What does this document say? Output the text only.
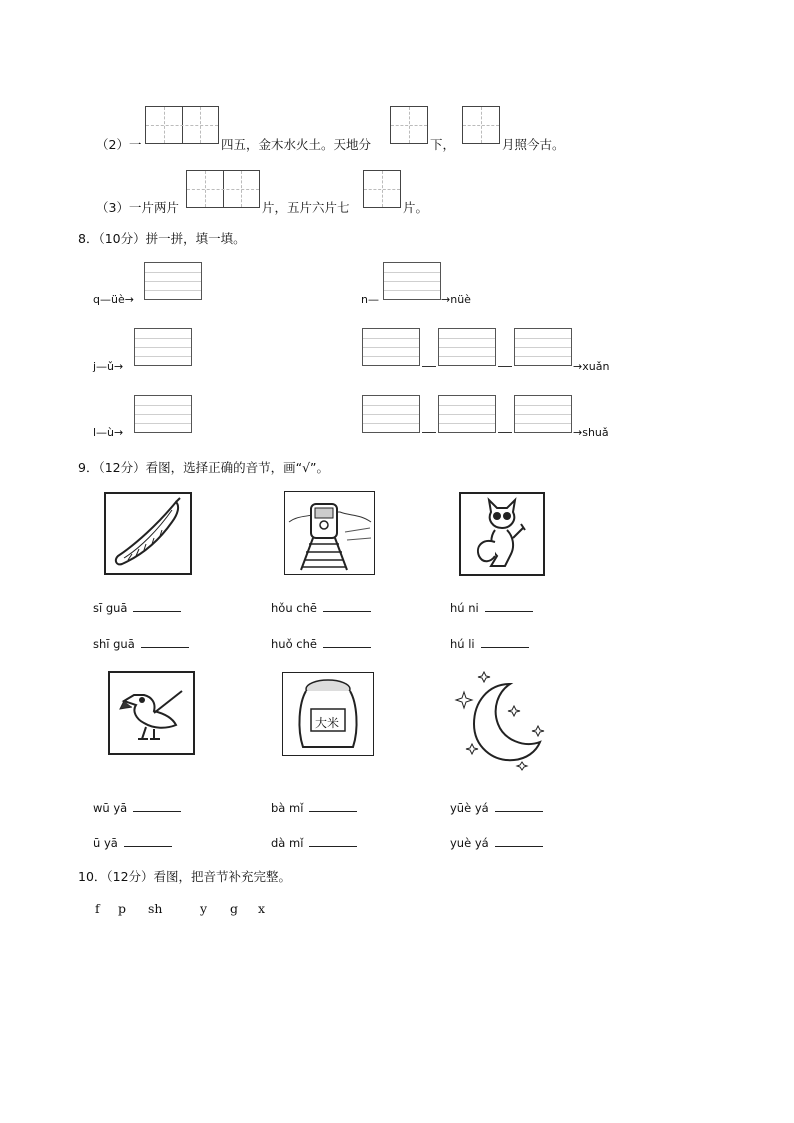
（2）一	四五，金木水火土。天地分	下，	月照今古。
（3）一片两片	片，五片六片七	片。
8．（10分）拼一拼，填一填。
q—üè→	n—	→nüè
j—ǔ→	→xuǎn
l—ù→	→shuǎ
9．（12分）看图，选择正确的音节，画“√”。
sī guā	hǒu chē	hú ni
shī guā	huǒ chē	hú li
大米
wū yā	bà mǐ	yūè yá
ū yā	dà mǐ	yuè yá
10．（12分）看图，把音节补充完整。
f p sh	y g x
